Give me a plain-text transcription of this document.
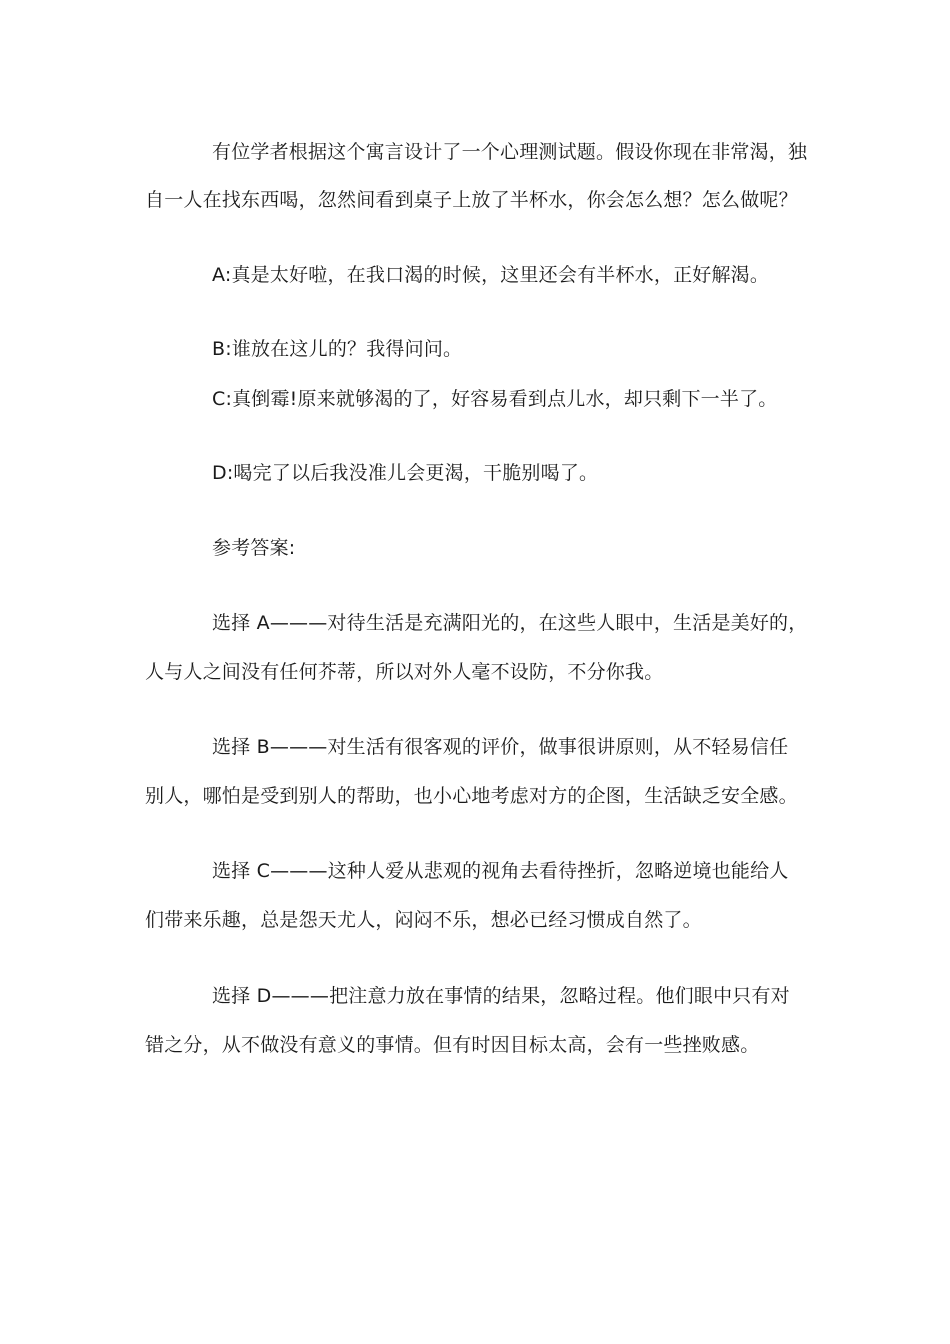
有位学者根据这个寓言设计了一个心理测试题。假设你现在非常渴，独
自一人在找东西喝，忽然间看到桌子上放了半杯水，你会怎么想？怎么做呢？
A:真是太好啦，在我口渴的时候，这里还会有半杯水，正好解渴。
B:谁放在这儿的？我得问问。
C:真倒霉!原来就够渴的了，好容易看到点儿水，却只剩下一半了。
D:喝完了以后我没准儿会更渴，干脆别喝了。
参考答案:
选择 A———对待生活是充满阳光的，在这些人眼中，生活是美好的，
人与人之间没有任何芥蒂，所以对外人毫不设防，不分你我。
选择 B———对生活有很客观的评价，做事很讲原则，从不轻易信任
别人，哪怕是受到别人的帮助，也小心地考虑对方的企图，生活缺乏安全感。
选择 C———这种人爱从悲观的视角去看待挫折，忽略逆境也能给人
们带来乐趣，总是怨天尤人，闷闷不乐，想必已经习惯成自然了。
选择 D———把注意力放在事情的结果，忽略过程。他们眼中只有对
错之分，从不做没有意义的事情。但有时因目标太高，会有一些挫败感。
